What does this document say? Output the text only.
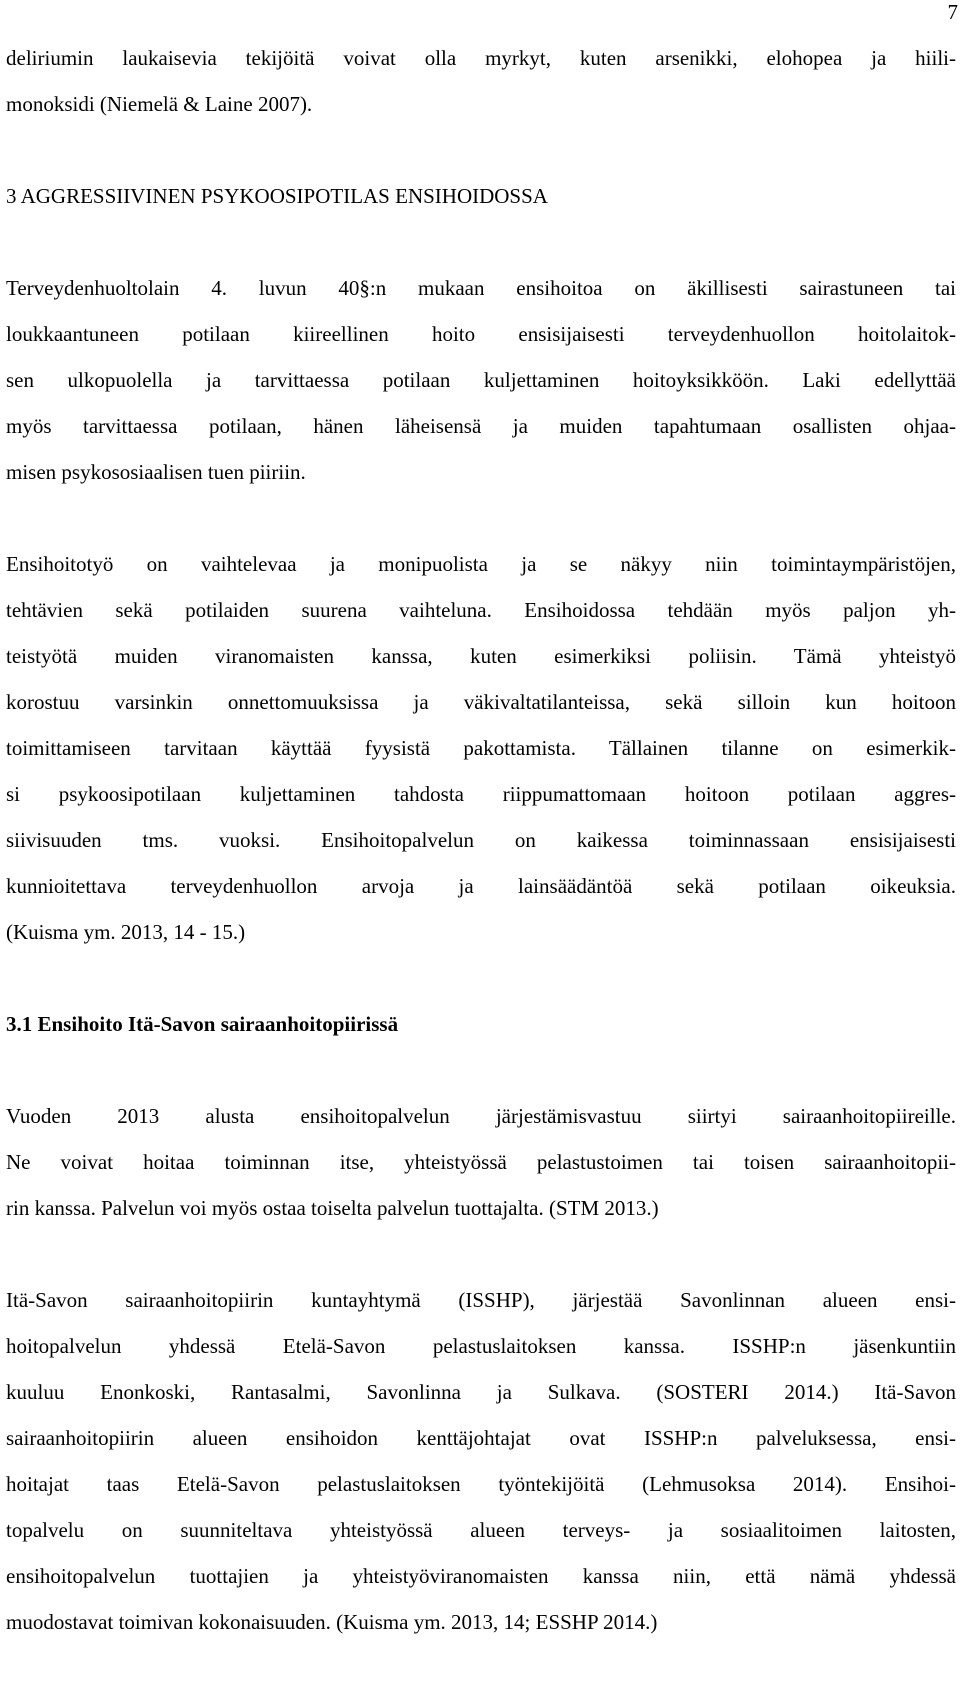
7

deliriumin laukaisevia tekijöitä voivat olla myrkyt, kuten arsenikki, elohopea ja hiili-
monoksidi (Niemelä & Laine 2007).

3 AGGRESSIIVINEN PSYKOOSIPOTILAS ENSIHOIDOSSA

Terveydenhuoltolain 4. luvun 40§:n mukaan ensihoitoa on äkillisesti sairastuneen tai
loukkaantuneen potilaan kiireellinen hoito ensisijaisesti terveydenhuollon hoitolaitok-
sen ulkopuolella ja tarvittaessa potilaan kuljettaminen hoitoyksikköön. Laki edellyttää
myös tarvittaessa potilaan, hänen läheisensä ja muiden tapahtumaan osallisten ohjaa-
misen psykososiaalisen tuen piiriin.

Ensihoitotyö on vaihtelevaa ja monipuolista ja se näkyy niin toimintaympäristöjen,
tehtävien sekä potilaiden suurena vaihteluna. Ensihoidossa tehdään myös paljon yh-
teistyötä muiden viranomaisten kanssa, kuten esimerkiksi poliisin. Tämä yhteistyö
korostuu varsinkin onnettomuuksissa ja väkivaltatilanteissa, sekä silloin kun hoitoon
toimittamiseen tarvitaan käyttää fyysistä pakottamista. Tällainen tilanne on esimerkik-
si psykoosipotilaan kuljettaminen tahdosta riippumattomaan hoitoon potilaan aggres-
siivisuuden tms. vuoksi. Ensihoitopalvelun on kaikessa toiminnassaan ensisijaisesti
kunnioitettava terveydenhuollon arvoja ja lainsäädäntöä sekä potilaan oikeuksia.
(Kuisma ym. 2013, 14 - 15.)

3.1 Ensihoito Itä-Savon sairaanhoitopiirissä

Vuoden 2013 alusta ensihoitopalvelun järjestämisvastuu siirtyi sairaanhoitopiireille.
Ne voivat hoitaa toiminnan itse, yhteistyössä pelastustoimen tai toisen sairaanhoitopii-
rin kanssa. Palvelun voi myös ostaa toiselta palvelun tuottajalta. (STM 2013.)

Itä-Savon sairaanhoitopiirin kuntayhtymä (ISSHP), järjestää Savonlinnan alueen ensi-
hoitopalvelun yhdessä Etelä-Savon pelastuslaitoksen kanssa. ISSHP:n jäsenkuntiin
kuuluu Enonkoski, Rantasalmi, Savonlinna ja Sulkava. (SOSTERI 2014.) Itä-Savon
sairaanhoitopiirin alueen ensihoidon kenttäjohtajat ovat ISSHP:n palveluksessa, ensi-
hoitajat taas Etelä-Savon pelastuslaitoksen työntekijöitä (Lehmusoksa 2014). Ensihoi-
topalvelu on suunniteltava yhteistyössä alueen terveys- ja sosiaalitoimen laitosten,
ensihoitopalvelun tuottajien ja yhteistyöviranomaisten kanssa niin, että nämä yhdessä
muodostavat toimivan kokonaisuuden. (Kuisma ym. 2013, 14; ESSHP 2014.)
